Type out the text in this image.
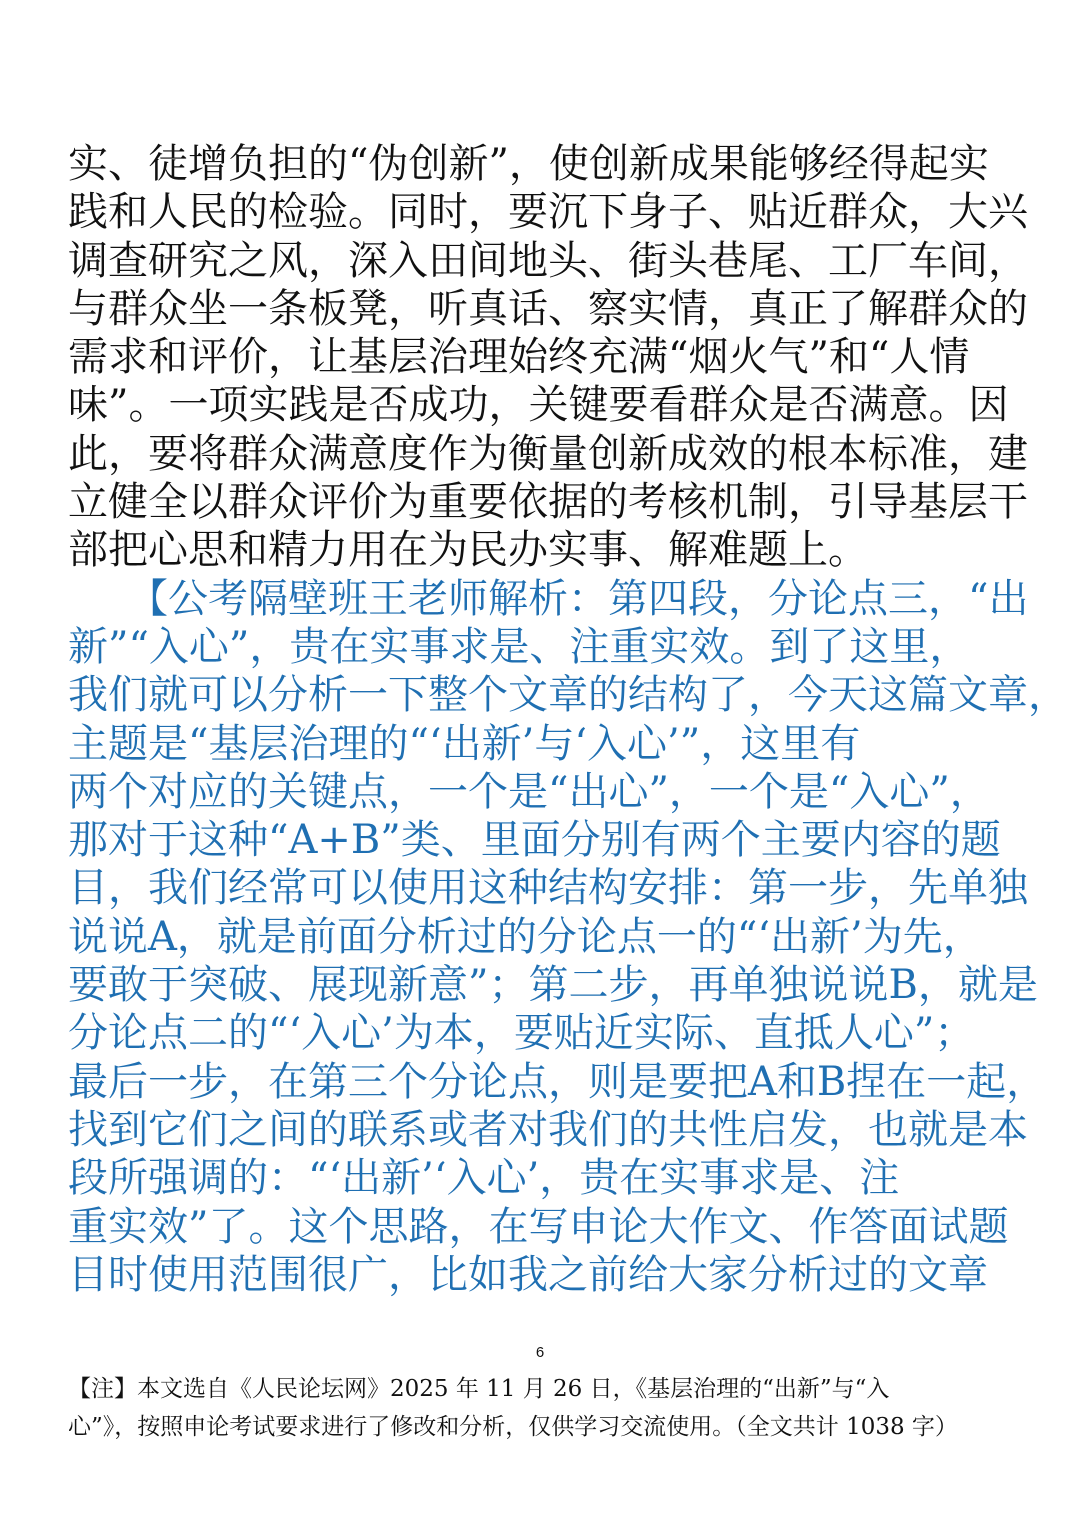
实、徒增负担的“伪创新”，使创新成果能够经得起实
践和人民的检验。同时，要沉下身子、贴近群众，大兴
调查研究之风，深入田间地头、街头巷尾、工厂车间，
与群众坐一条板凳，听真话、察实情，真正了解群众的
需求和评价，让基层治理始终充满“烟火气”和“人情
味”。一项实践是否成功，关键要看群众是否满意。因
此，要将群众满意度作为衡量创新成效的根本标准，建
立健全以群众评价为重要依据的考核机制，引导基层干
部把心思和精力用在为民办实事、解难题上。
　　【公考隔壁班王老师解析：第四段，分论点三，“出
新”“入心”，贵在实事求是、注重实效。到了这里，
我们就可以分析一下整个文章的结构了，今天这篇文章，
主题是“基层治理的“‘出新’与‘入心’”，这里有
两个对应的关键点，一个是“出心”，一个是“入心”，
那对于这种“A+B”类、里面分别有两个主要内容的题
目，我们经常可以使用这种结构安排：第一步，先单独
说说A，就是前面分析过的分论点一的“‘出新’为先，
要敢于突破、展现新意”；第二步，再单独说说B，就是
分论点二的“‘入心’为本，要贴近实际、直抵人心”；
最后一步，在第三个分论点，则是要把A和B捏在一起，
找到它们之间的联系或者对我们的共性启发，也就是本
段所强调的：“‘出新’‘入心’，贵在实事求是、注
重实效”了。这个思路，在写申论大作文、作答面试题
目时使用范围很广，比如我之前给大家分析过的文章
6
【注】本文选自《人民论坛网》2025 年 11 月 26 日，《基层治理的“出新”与“入
心”》，按照申论考试要求进行了修改和分析，仅供学习交流使用。（全文共计 1038 字）
